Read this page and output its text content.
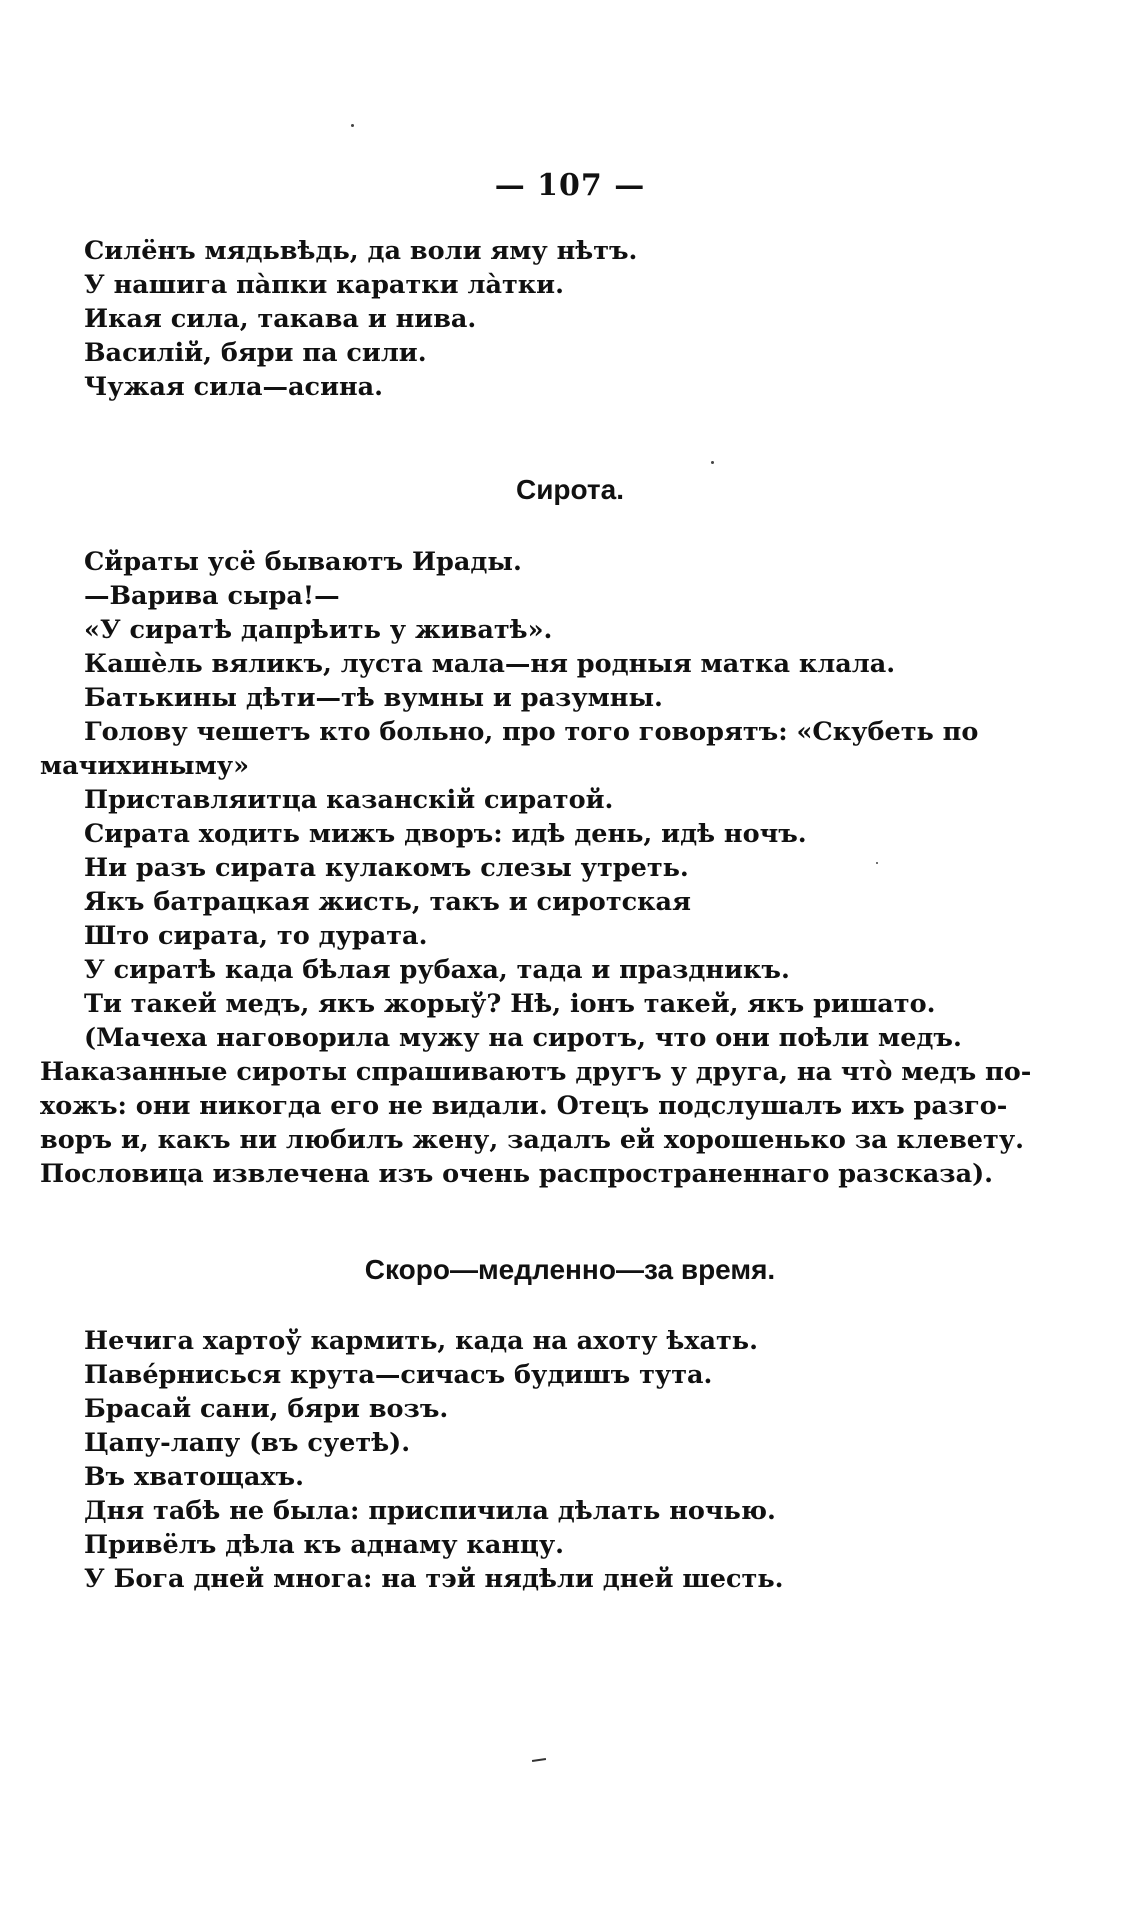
— 107 —

Силёнъ мядьвѣдь, да воли яму нѣтъ.

У нашига пàпки каратки лàтки.

Икая сила, такава и нива.

Василій, бяри па сили.

Чужая сила—асина.

Сирота.

Сйраты усё бываютъ Ирады.

—Варива сыра!—

«У сиратѣ дапрѣить у живатѣ».

Кашѐль вяликъ, луста мала—ня родныя матка клала.

Батькины дѣти—тѣ вумны и разумны.

Голову чешетъ кто больно, про того говорятъ: «Скубеть по

мачихиныму»

Приставляитца казанскій сиратой.

Сирата ходить мижъ дворъ: идѣ день, идѣ ночъ.

Ни разъ сирата кулакомъ слезы утреть.

Якъ батрацкая жисть, такъ и сиротская

Што сирата, то дурата.

У сиратѣ када бѣлая рубаха, тада и праздникъ.

Ти такей медъ, якъ жорыў? Нѣ, іонъ такей, якъ ришато.

(Мачеха наговорила мужу на сиротъ, что они поѣли медъ.

Наказанные сироты спрашиваютъ другъ у друга, на чтò медъ по-

хожъ: они никогда его не видали. Отецъ подслушалъ ихъ разго-

воръ и, какъ ни любилъ жену, задалъ ей хорошенько за клевету.

Пословица извлечена изъ очень распространеннаго разсказа).

Скоро—медленно—за время.

Нечига хартоў кармить, када на ахоту ѣхать.

Павéрнисься крута—сичасъ будишъ тута.

Брасай сани, бяри возъ.

Цапу-лапу (въ суетѣ).

Въ хватощахъ.

Дня табѣ не была: приспичила дѣлать ночью.

Привёлъ дѣла къ аднаму канцу.

У Бога дней многа: на тэй нядѣли дней шесть.
